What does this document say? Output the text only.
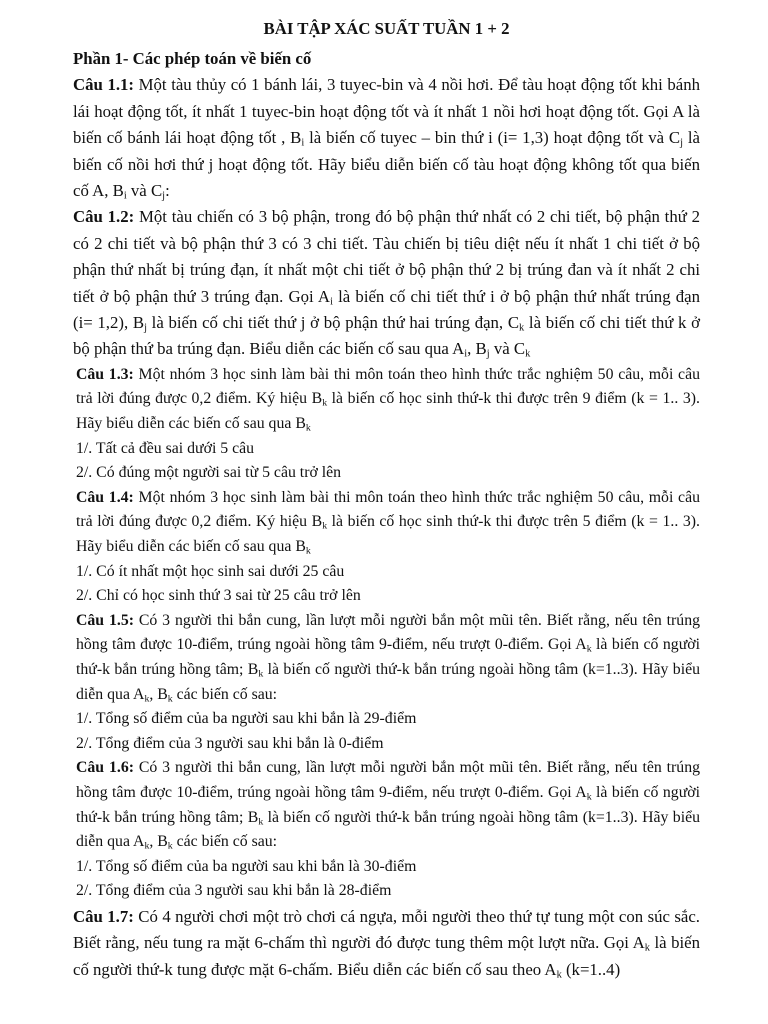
BÀI TẬP XÁC SUẤT TUẦN 1 + 2
Phần 1- Các phép toán về biến cố

Câu 1.1: Một tàu thủy có 1 bánh lái, 3 tuyec-bin và 4 nồi hơi. Để tàu hoạt động tốt khi bánh lái hoạt động tốt, ít nhất 1 tuyec-bin hoạt động tốt và ít nhất 1 nồi hơi hoạt động tốt. Gọi A là biến cố bánh lái hoạt động tốt , $B_i$ là biến cố tuyec – bin thứ i (i= 1,3) hoạt động tốt và $C_j$ là biến cố nồi hơi thứ j hoạt động tốt. Hãy biểu diễn biến cố tàu hoạt động không tốt qua biến cố A, $B_i$ và $C_j$:

Câu 1.2: Một tàu chiến có 3 bộ phận, trong đó bộ phận thứ nhất có 2 chi tiết, bộ phận thứ 2 có 2 chi tiết và bộ phận thứ 3 có 3 chi tiết. Tàu chiến bị tiêu diệt nếu ít nhất 1 chi tiết ở bộ phận thứ nhất bị trúng đạn, ít nhất một chi tiết ở bộ phận thứ 2 bị trúng đan và ít nhất 2 chi tiết ở bộ phận thứ 3 trúng đạn. Gọi $A_i$ là biến cố chi tiết thứ i ở bộ phận thứ nhất trúng đạn (i= 1,2), $B_j$ là biến cố chi tiết thứ j ở bộ phận thứ hai trúng đạn, $C_k$ là biến cố chi tiết thứ k ở bộ phận thứ ba trúng đạn. Biểu diễn các biến cố sau qua $A_i$, $B_j$ và $C_k$

Câu 1.3: Một nhóm 3 học sinh làm bài thi môn toán theo hình thức trắc nghiệm 50 câu, mỗi câu trả lời đúng được 0,2 điểm. Ký hiệu $B_k$ là biến cố học sinh thứ-k thi được trên 9 điểm (k = 1.. 3). Hãy biểu diễn các biến cố sau qua $B_k$

1/. Tất cả đều sai dưới 5 câu

2/. Có đúng một người sai từ 5 câu trở lên

Câu 1.4: Một nhóm 3 học sinh làm bài thi môn toán theo hình thức trắc nghiệm 50 câu, mỗi câu trả lời đúng được 0,2 điểm. Ký hiệu $B_k$ là biến cố học sinh thứ-k thi được trên 5 điểm (k = 1.. 3). Hãy biểu diễn các biến cố sau qua $B_k$

1/. Có ít nhất một học sinh sai dưới 25 câu

2/. Chỉ có học sinh thứ 3 sai từ 25 câu trở lên

Câu 1.5: Có 3 người thi bắn cung, lần lượt mỗi người bắn một mũi tên. Biết rằng, nếu tên trúng hồng tâm được 10-điểm, trúng ngoài hồng tâm 9-điểm, nếu trượt 0-điểm. Gọi $A_k$ là biến cố người thứ-k bắn trúng hồng tâm; $B_k$ là biến cố người thứ-k bắn trúng ngoài hồng tâm (k=1..3). Hãy biểu diễn qua $A_k$, $B_k$ các biến cố sau:

1/. Tổng số điểm của ba người sau khi bắn là 29-điểm

2/. Tổng điểm của 3 người sau khi bắn là 0-điểm

Câu 1.6: Có 3 người thi bắn cung, lần lượt mỗi người bắn một mũi tên. Biết rằng, nếu tên trúng hồng tâm được 10-điểm, trúng ngoài hồng tâm 9-điểm, nếu trượt 0-điểm. Gọi $A_k$ là biến cố người thứ-k bắn trúng hồng tâm; $B_k$ là biến cố người thứ-k bắn trúng ngoài hồng tâm (k=1..3). Hãy biểu diễn qua $A_k$, $B_k$ các biến cố sau:

1/. Tổng số điểm của ba người sau khi bắn là 30-điểm

2/. Tổng điểm của 3 người sau khi bắn là 28-điểm

Câu 1.7: Có 4 người chơi một trò chơi cá ngựa, mỗi người theo thứ tự tung một con súc sắc. Biết rằng, nếu tung ra mặt 6-chấm thì người đó được tung thêm một lượt nữa. Gọi $A_k$ là biến cố người thứ-k tung được mặt 6-chấm. Biểu diễn các biến cố sau theo $A_k$ (k=1..4)
